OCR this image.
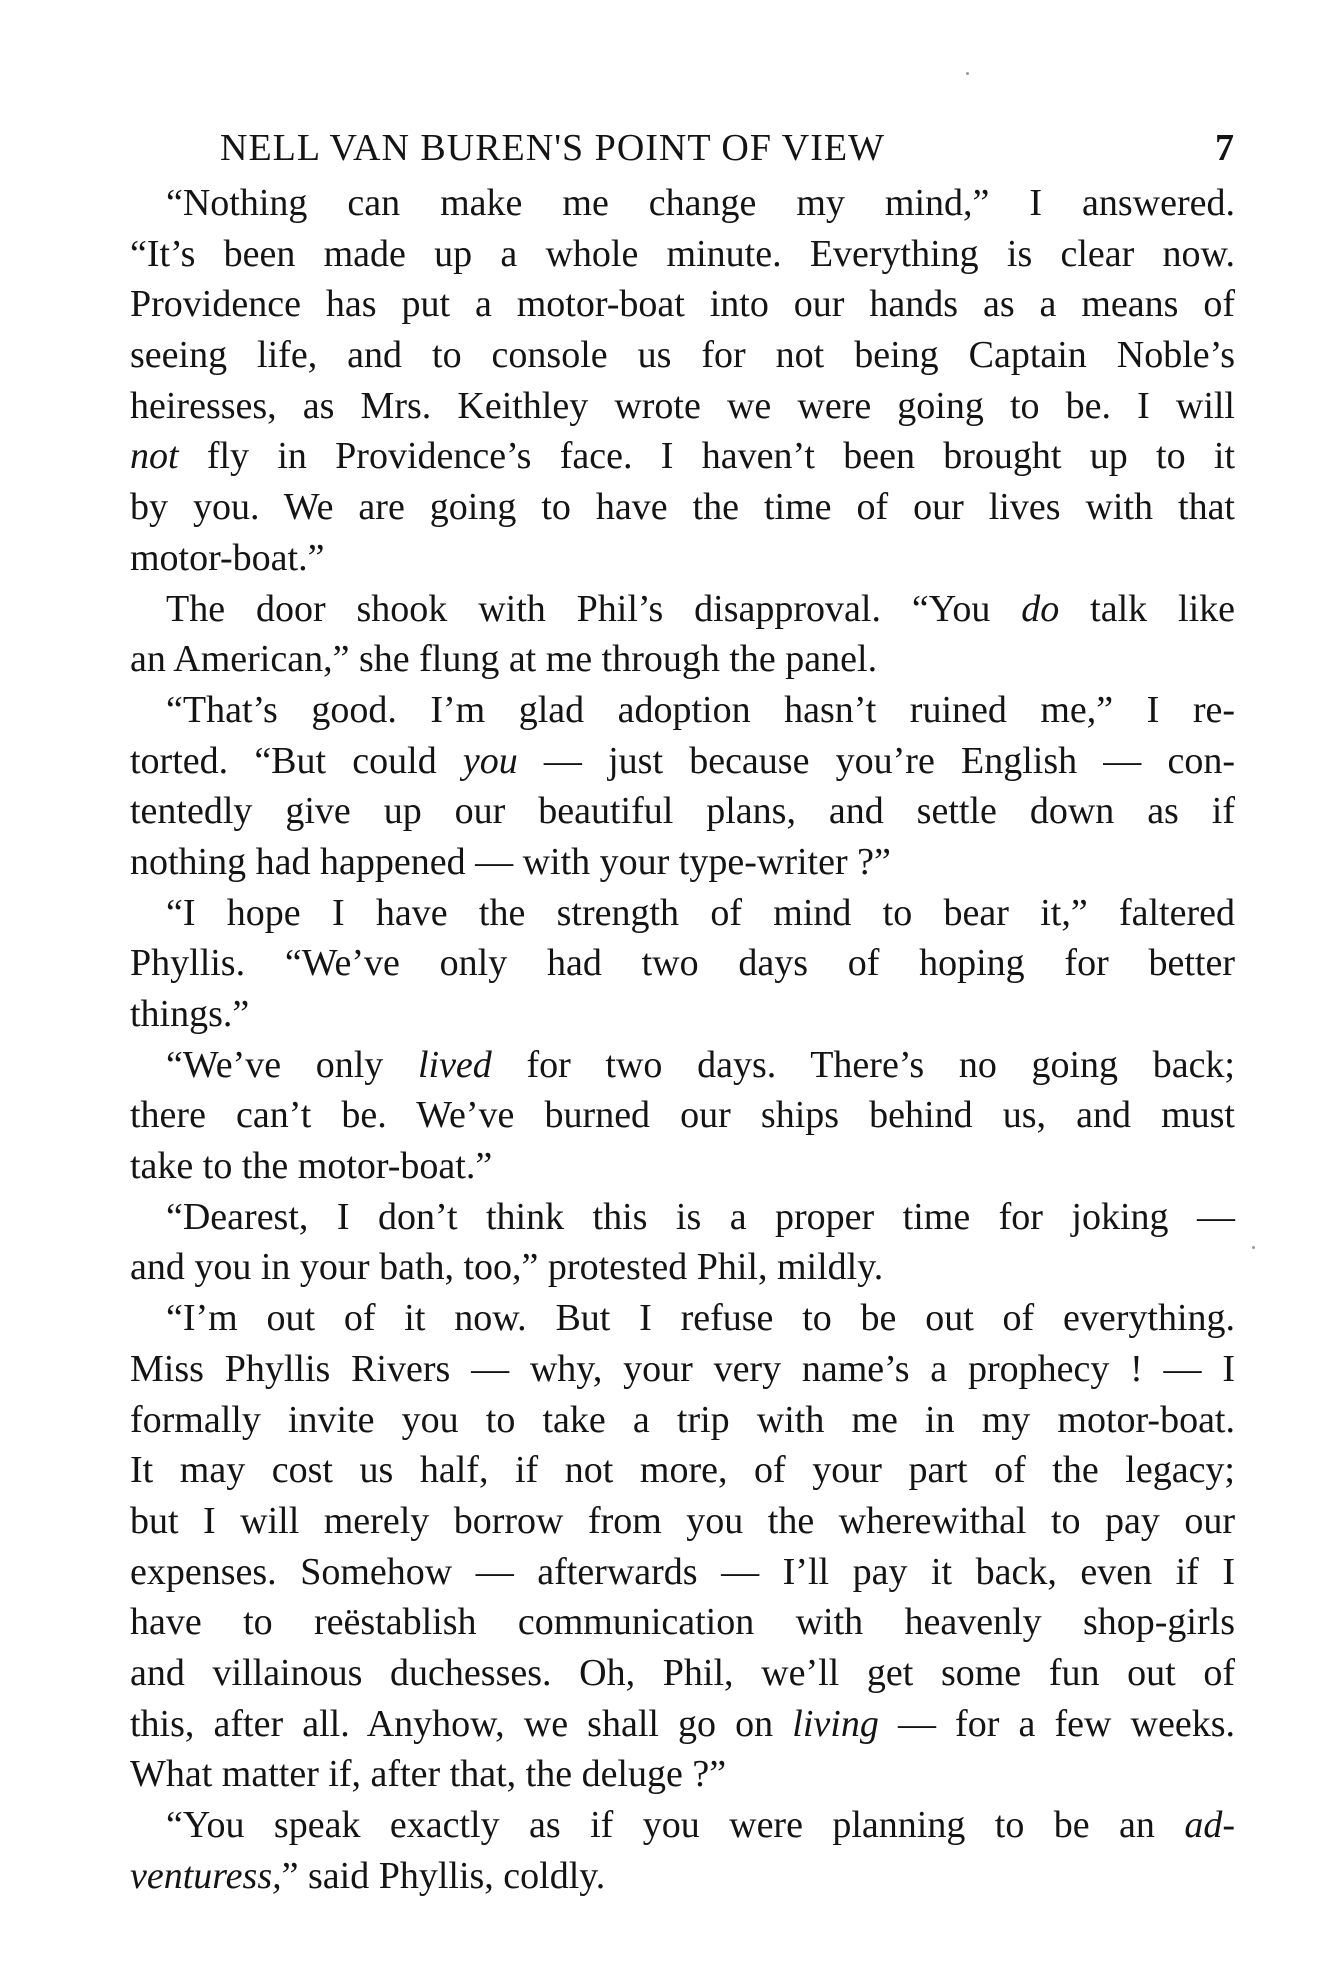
NELL VAN BUREN'S POINT OF VIEW	7
“Nothing can make me change my mind,” I answered.
“It’s been made up a whole minute. Everything is clear now.
Providence has put a motor-boat into our hands as a means of
seeing life, and to console us for not being Captain Noble’s
heiresses, as Mrs. Keithley wrote we were going to be. I will
not fly in Providence’s face. I haven’t been brought up to it
by you. We are going to have the time of our lives with that
motor-boat.”
The door shook with Phil’s disapproval. “You do talk like
an American,” she flung at me through the panel.
“That’s good. I’m glad adoption hasn’t ruined me,” I re-
torted. “But could you — just because you’re English — con-
tentedly give up our beautiful plans, and settle down as if
nothing had happened — with your type-writer ?”
“I hope I have the strength of mind to bear it,” faltered
Phyllis. “We’ve only had two days of hoping for better
things.”
“We’ve only lived for two days. There’s no going back;
there can’t be. We’ve burned our ships behind us, and must
take to the motor-boat.”
“Dearest, I don’t think this is a proper time for joking —
and you in your bath, too,” protested Phil, mildly.
“I’m out of it now. But I refuse to be out of everything.
Miss Phyllis Rivers — why, your very name’s a prophecy ! — I
formally invite you to take a trip with me in my motor-boat.
It may cost us half, if not more, of your part of the legacy;
but I will merely borrow from you the wherewithal to pay our
expenses. Somehow — afterwards — I’ll pay it back, even if I
have to reëstablish communication with heavenly shop-girls
and villainous duchesses. Oh, Phil, we’ll get some fun out of
this, after all. Anyhow, we shall go on living — for a few weeks.
What matter if, after that, the deluge ?”
“You speak exactly as if you were planning to be an ad-
venturess,” said Phyllis, coldly.
